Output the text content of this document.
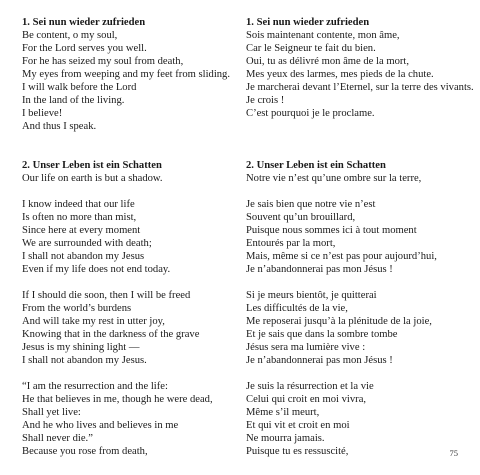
1. Sei nun wieder zufrieden
Be content, o my soul,
For the Lord serves you well.
For he has seized my soul from death,
My eyes from weeping and my feet from sliding.
I will walk before the Lord
In the land of the living.
I believe!
And thus I speak.
2. Unser Leben ist ein Schatten
Our life on earth is but a shadow.
I know indeed that our life
Is often no more than mist,
Since here at every moment
We are surrounded with death;
I shall not abandon my Jesus
Even if my life does not end today.
If I should die soon, then I will be freed
From the world’s burdens
And will take my rest in utter joy,
Knowing that in the darkness of the grave
Jesus is my shining light —
I shall not abandon my Jesus.
“I am the resurrection and the life:
He that believes in me, though he were dead,
Shall yet live:
And he who lives and believes in me
Shall never die.”
Because you rose from death,
1. Sei nun wieder zufrieden
Sois maintenant contente, mon âme,
Car le Seigneur te fait du bien.
Oui, tu as délivré mon âme de la mort,
Mes yeux des larmes, mes pieds de la chute.
Je marcherai devant l’Eternel, sur la terre des vivants.
Je crois !
C’est pourquoi je le proclame.
2. Unser Leben ist ein Schatten
Notre vie n’est qu’une ombre sur la terre,
Je sais bien que notre vie n’est
Souvent qu’un brouillard,
Puisque nous sommes ici à tout moment
Entourés par la mort,
Mais, même si ce n’est pas pour aujourd’hui,
Je n’abandonnerai pas mon Jésus !
Si je meurs bientôt, je quitterai
Les difficultés de la vie,
Me reposerai jusqu’à la plénitude de la joie,
Et je sais que dans la sombre tombe
Jésus sera ma lumière vive :
Je n’abandonnerai pas mon Jésus !
Je suis la résurrection et la vie
Celui qui croit en moi vivra,
Même s’il meurt,
Et qui vit et croit en moi
Ne mourra jamais.
Puisque tu es ressuscité,	75
